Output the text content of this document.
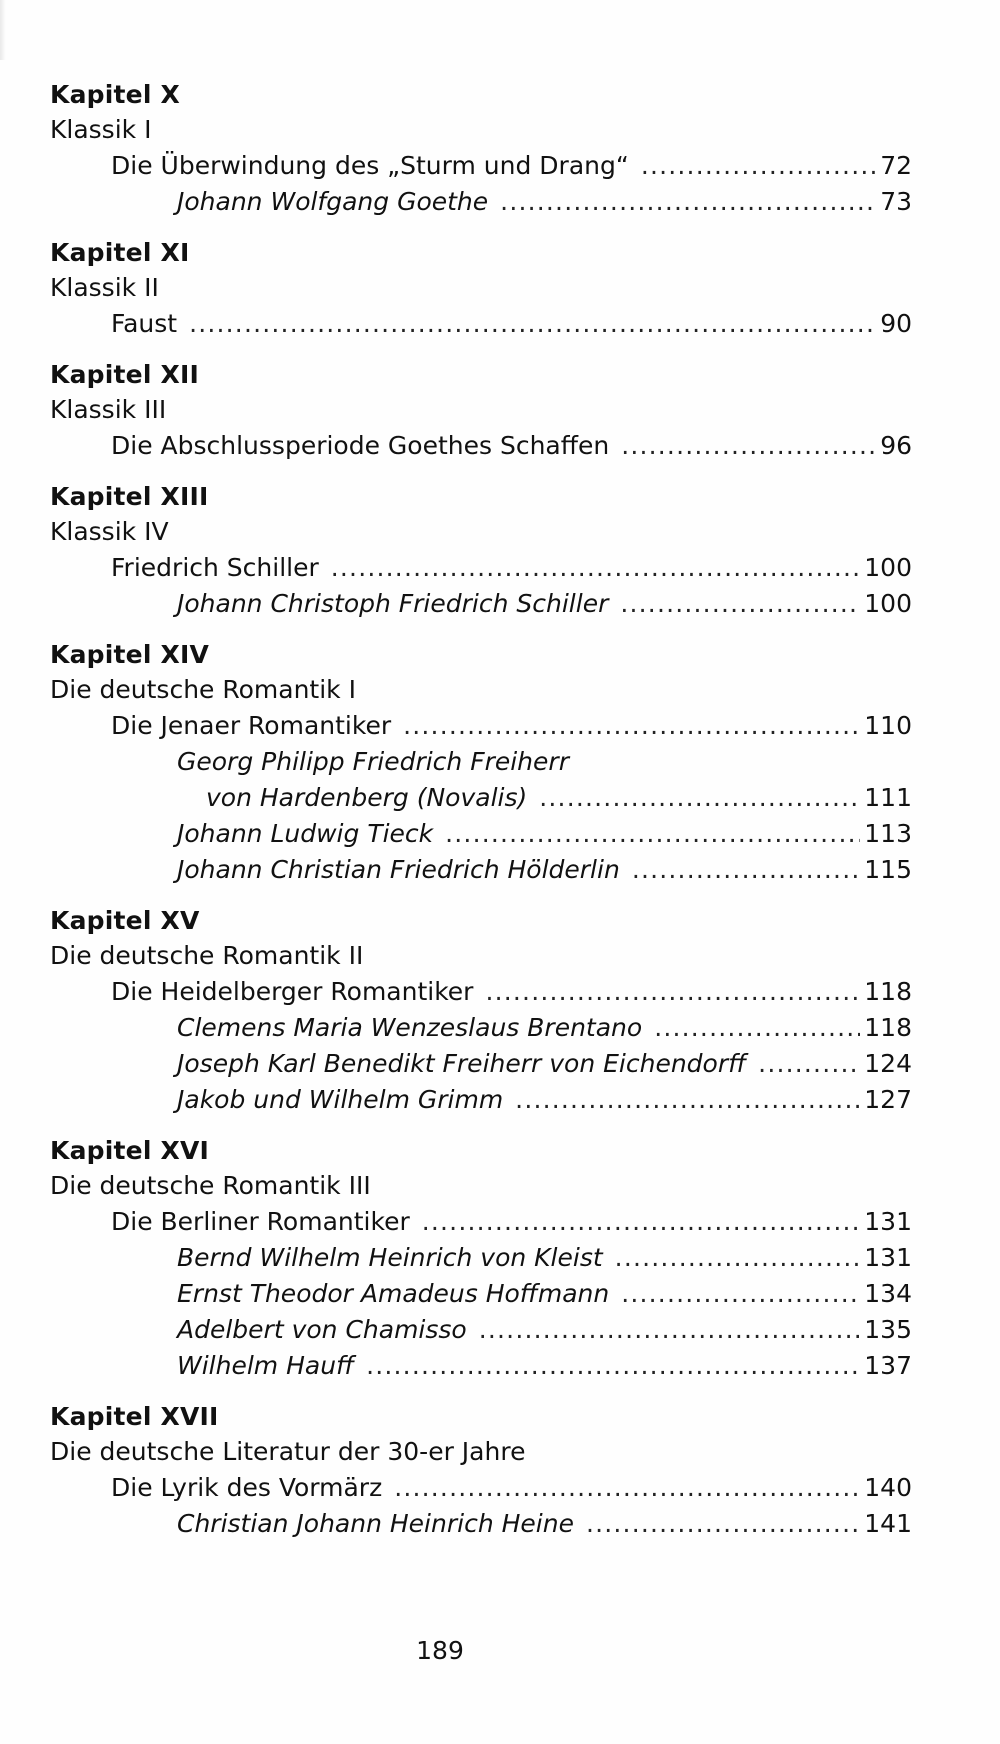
Kapitel X
Klassik I
Die Überwindung des „Sturm und Drang“ .....	72
Johann Wolfgang Goethe .....	73
Kapitel XI
Klassik II
Faust .....	90
Kapitel XII
Klassik III
Die Abschlussperiode Goethes Schaffen .....	96
Kapitel XIII
Klassik IV
Friedrich Schiller .....	100
Johann Christoph Friedrich Schiller .....	100
Kapitel XIV
Die deutsche Romantik I
Die Jenaer Romantiker .....	110
Georg Philipp Friedrich Freiherr
von Hardenberg (Novalis) .....	111
Johann Ludwig Tieck .....	113
Johann Christian Friedrich Hölderlin .....	115
Kapitel XV
Die deutsche Romantik II
Die Heidelberger Romantiker .....	118
Clemens Maria Wenzeslaus Brentano .....	118
Joseph Karl Benedikt Freiherr von Eichendorff .....	124
Jakob und Wilhelm Grimm .....	127
Kapitel XVI
Die deutsche Romantik III
Die Berliner Romantiker .....	131
Bernd Wilhelm Heinrich von Kleist .....	131
Ernst Theodor Amadeus Hoffmann .....	134
Adelbert von Chamisso .....	135
Wilhelm Hauff .....	137
Kapitel XVII
Die deutsche Literatur der 30-er Jahre
Die Lyrik des Vormärz .....	140
Christian Johann Heinrich Heine .....	141
189
